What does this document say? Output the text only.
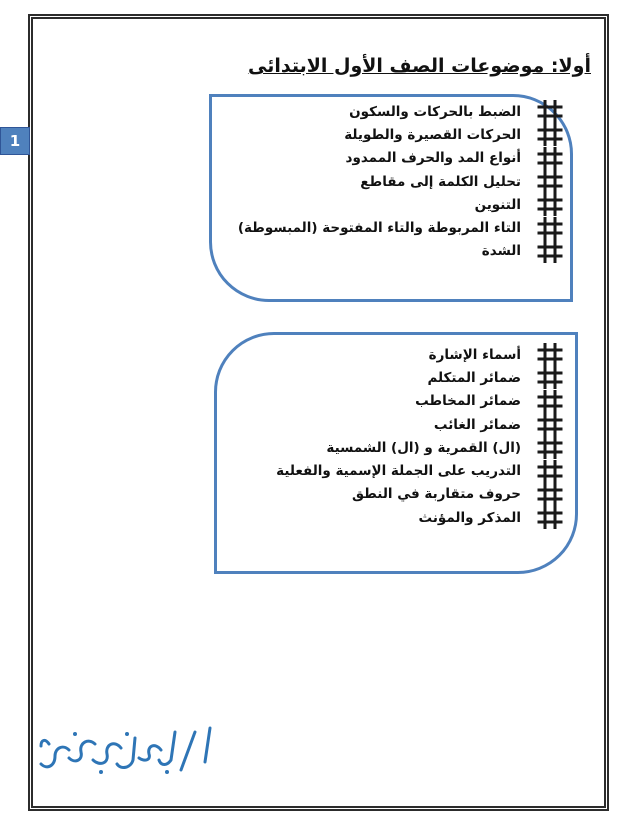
1
أولا: موضوعات الصف الأول الابتدائى
الضبط بالحركات والسكون
الحركات القصيرة والطويلة
أنواع المد والحرف الممدود
تحليل الكلمة إلى مقاطع
التنوين
التاء المربوطة والتاء المفتوحة (المبسوطة)
الشدة
أسماء الإشارة
ضمائر المتكلم
ضمائر المخاطب
ضمائر الغائب
(ال) القمرية و (ال) الشمسية
التدريب على الجملة الإسمية والفعلية
حروف متقاربة في النطق
المذكر والمؤنث
